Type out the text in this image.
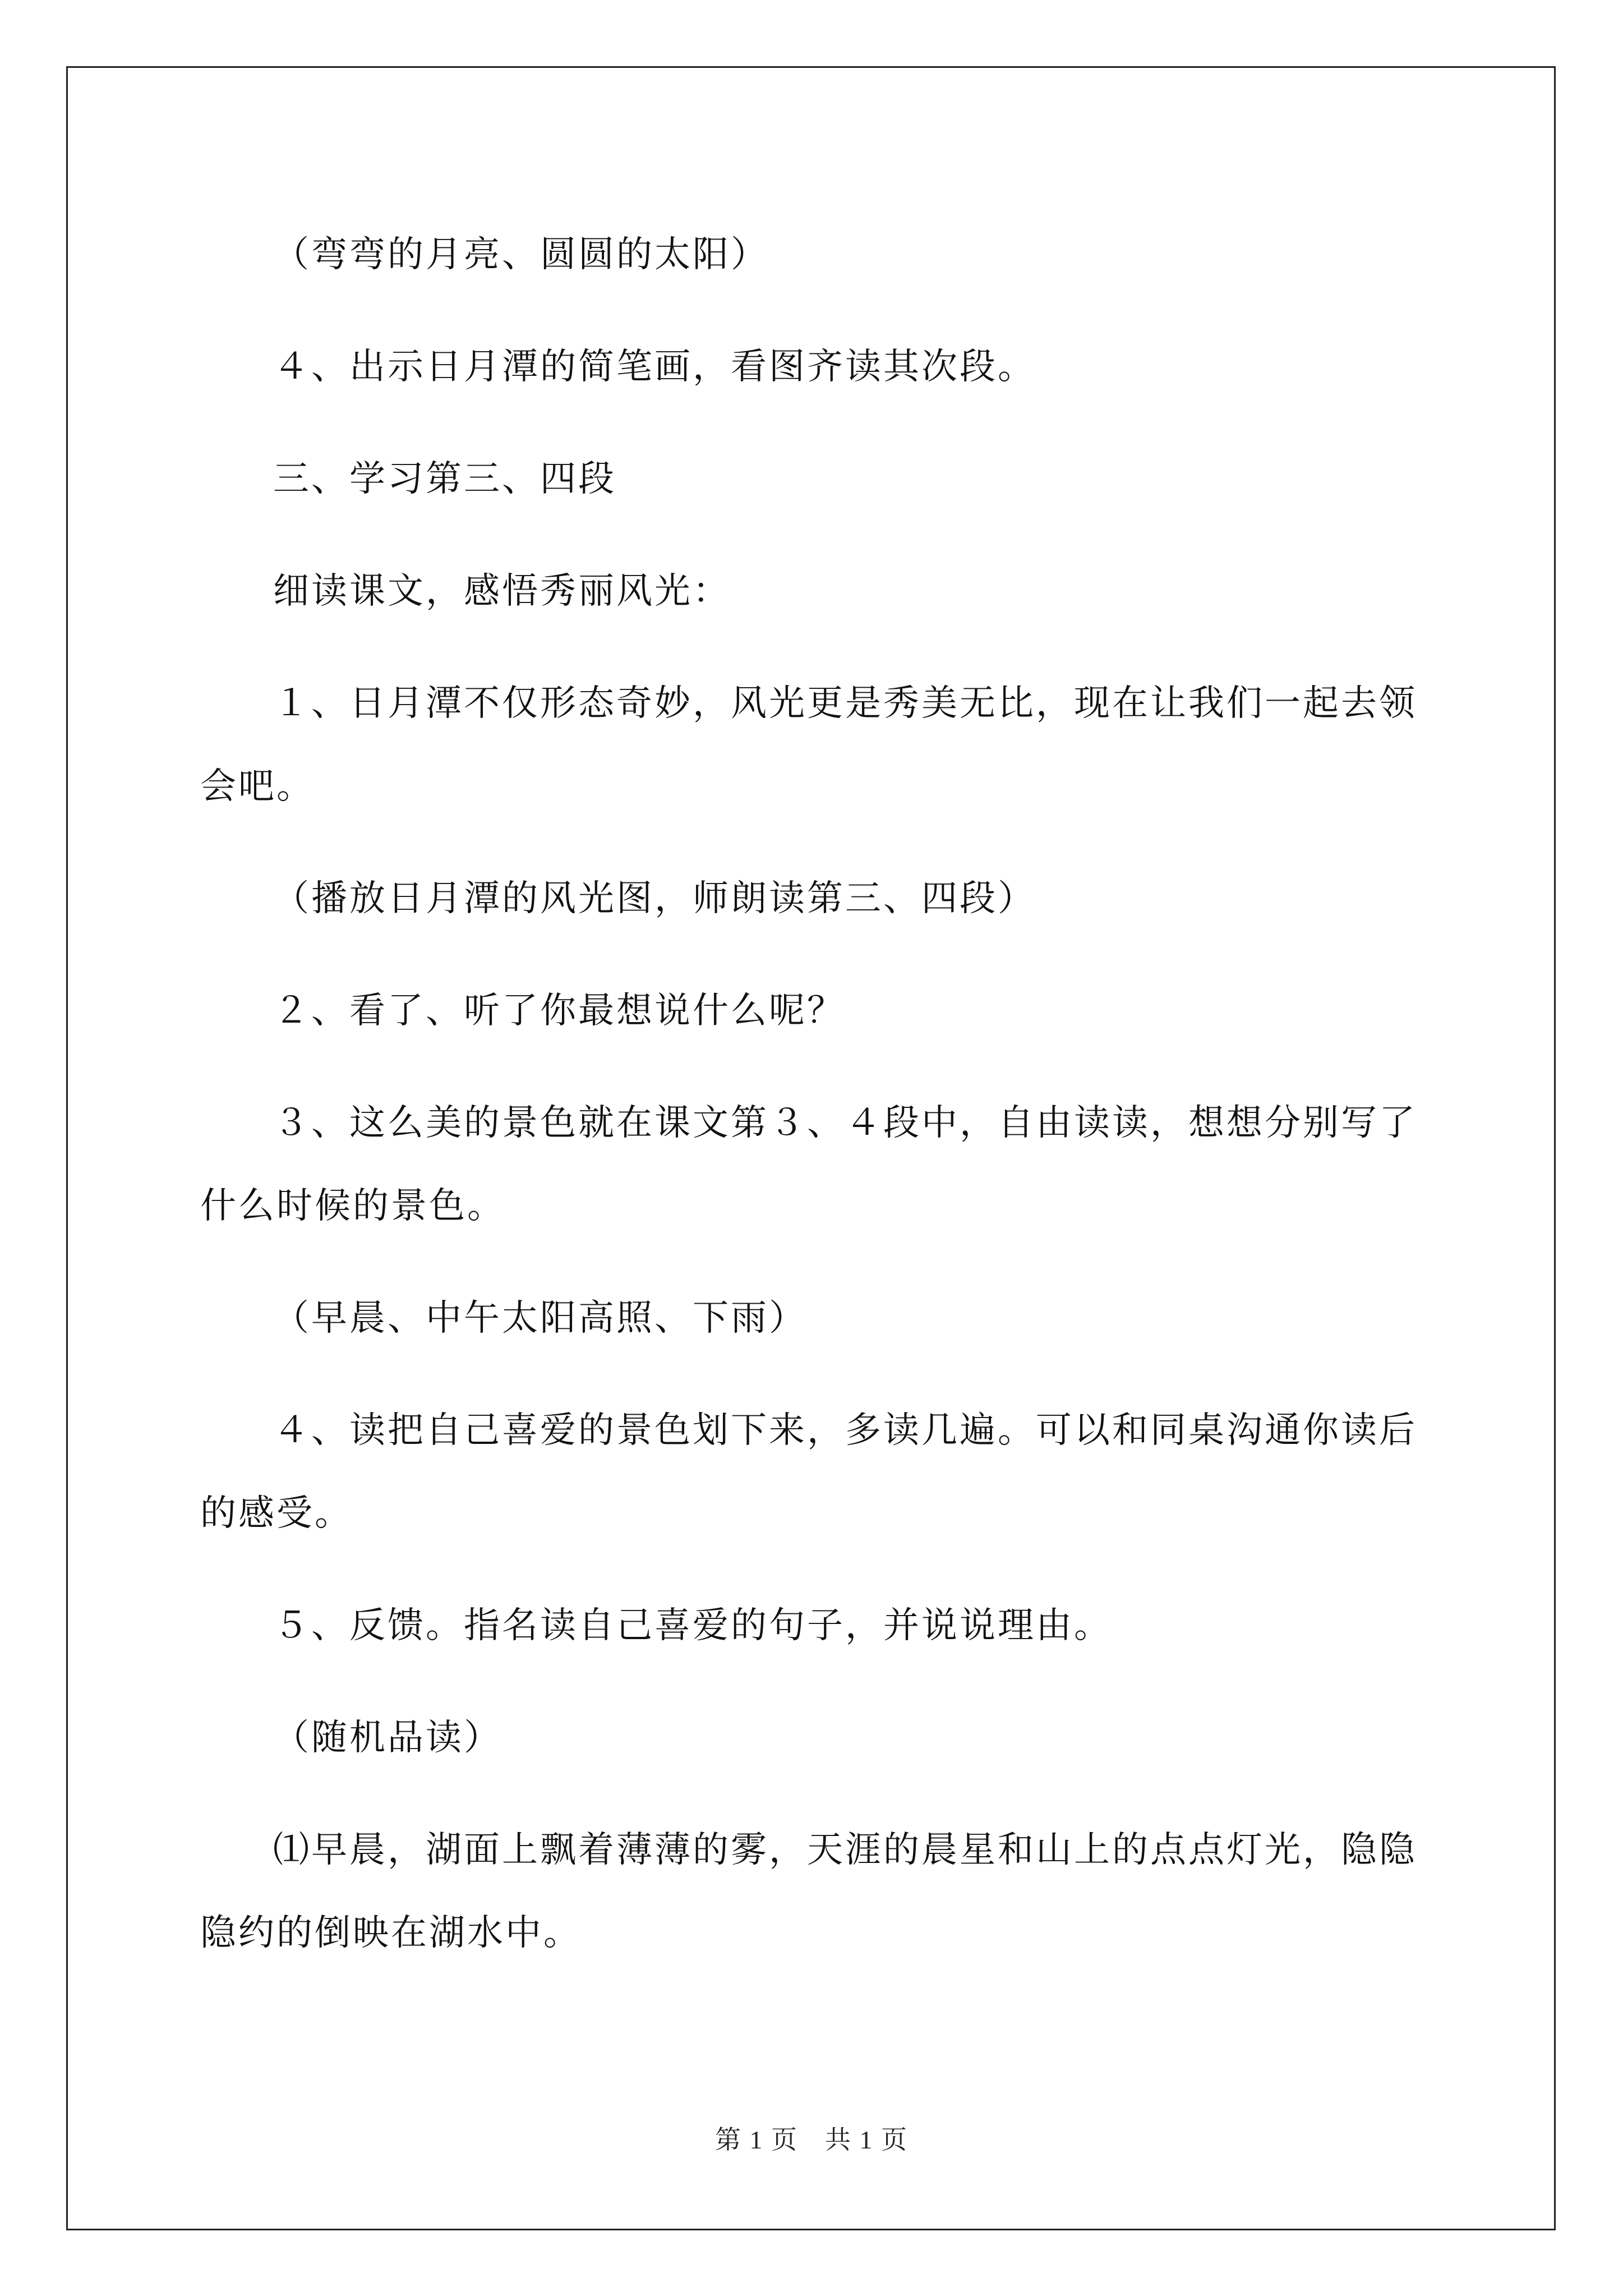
（弯弯的月亮、圆圆的太阳）

４、出示日月潭的简笔画，看图齐读其次段。

三、学习第三、四段

细读课文，感悟秀丽风光：

１、日月潭不仅形态奇妙，风光更是秀美无比，现在让我们一起去领会吧。

（播放日月潭的风光图，师朗读第三、四段）

２、看了、听了你最想说什么呢？

３、这么美的景色就在课文第３、４段中，自由读读，想想分别写了什么时候的景色。

（早晨、中午太阳高照、下雨）

４、读把自己喜爱的景色划下来，多读几遍。可以和同桌沟通你读后的感受。

５、反馈。指名读自己喜爱的句子，并说说理由。

（随机品读）

⑴早晨，湖面上飘着薄薄的雾，天涯的晨星和山上的点点灯光，隐隐隐约的倒映在湖水中。

第 1 页　共 1 页
